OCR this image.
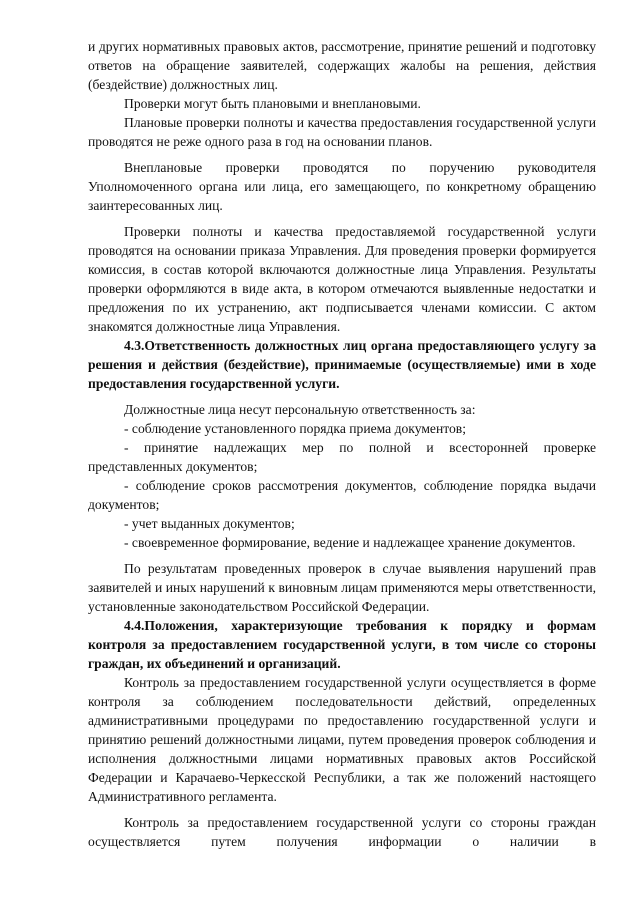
и других нормативных правовых актов, рассмотрение, принятие решений и подготовку ответов на обращение заявителей, содержащих жалобы на решения, действия (бездействие) должностных лиц.

Проверки могут быть плановыми и внеплановыми.

Плановые проверки полноты и качества предоставления государственной услуги проводятся не реже одного раза в год на основании планов.

Внеплановые проверки проводятся по поручению руководителя Уполномоченного органа или лица, его замещающего, по конкретному обращению заинтересованных лиц.

Проверки полноты и качества предоставляемой государственной услуги проводятся на основании приказа Управления. Для проведения проверки формируется комиссия, в состав которой включаются должностные лица Управления. Результаты проверки оформляются в виде акта, в котором отмечаются выявленные недостатки и предложения по их устранению, акт подписывается членами комиссии. С актом знакомятся должностные лица Управления.

4.3.Ответственность должностных лиц органа предоставляющего услугу за решения и действия (бездействие), принимаемые (осуществляемые) ими в ходе предоставления государственной услуги.

Должностные лица несут персональную ответственность за:

- соблюдение установленного порядка приема документов;

- принятие надлежащих мер по полной и всесторонней проверке представленных документов;

- соблюдение сроков рассмотрения документов, соблюдение порядка выдачи документов;

- учет выданных документов;

- своевременное формирование, ведение и надлежащее хранение документов.

По результатам проведенных проверок в случае выявления нарушений прав заявителей и иных нарушений к виновным лицам применяются меры ответственности, установленные законодательством Российской Федерации.

4.4.Положения, характеризующие требования к порядку и формам контроля за предоставлением государственной услуги, в том числе со стороны граждан, их объединений и организаций.

Контроль за предоставлением государственной услуги осуществляется в форме контроля за соблюдением последовательности действий, определенных административными процедурами по предоставлению государственной услуги и принятию решений должностными лицами, путем проведения проверок соблюдения и исполнения должностными лицами нормативных правовых актов Российской Федерации и Карачаево-Черкесской Республики, а так же положений настоящего Административного регламента.

Контроль за предоставлением государственной услуги со стороны граждан осуществляется путем получения информации о наличии в
